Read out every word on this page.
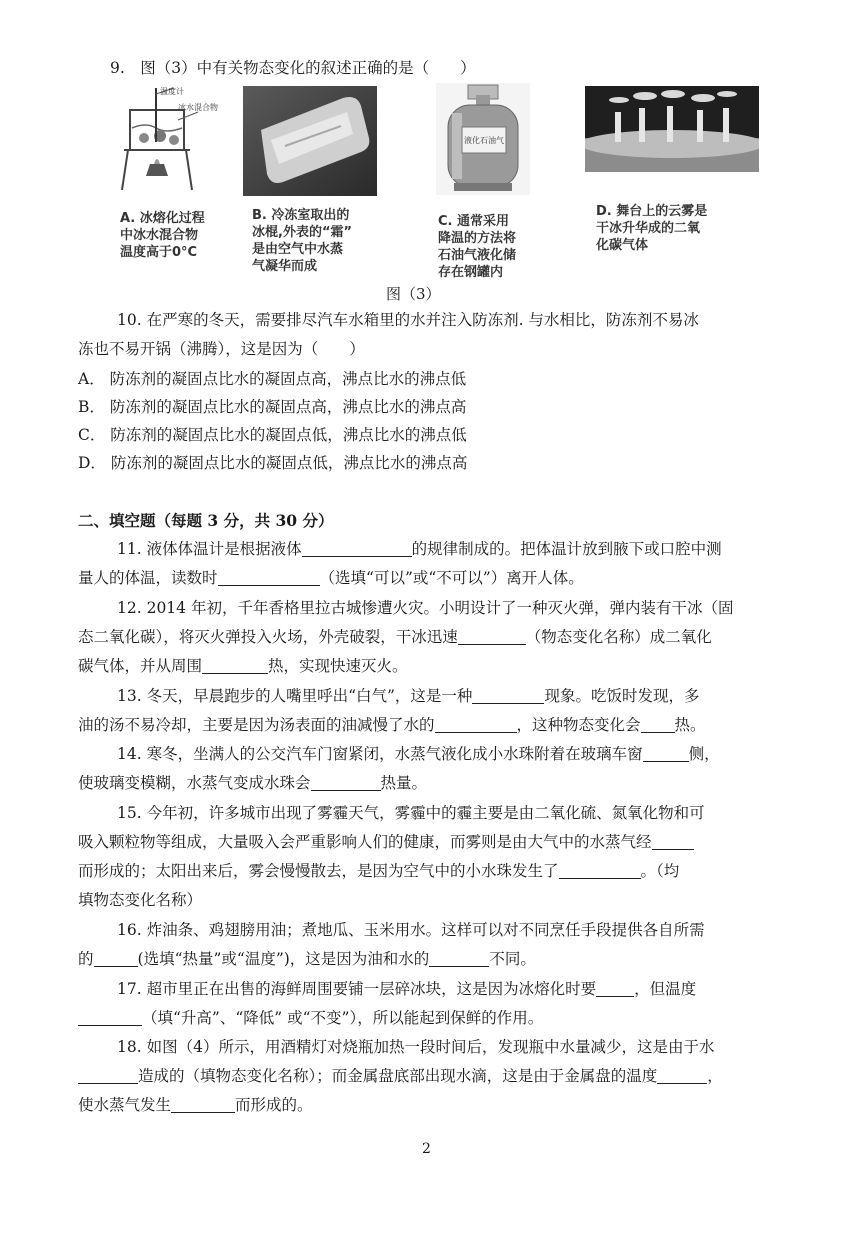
9.　图（3）中有关物态变化的叙述正确的是（　　）
温度计
冰水混合物
液化石油气
A. 冰熔化过程
中冰水混合物
温度高于0°C
B. 冷冻室取出的
冰棍,外表的“霜”
是由空气中水蒸
气凝华而成
C. 通常采用
降温的方法将
石油气液化储
存在钢罐内
D. 舞台上的云雾是
干冰升华成的二氧
化碳气体
图（3）
10. 在严寒的冬天，需要排尽汽车水箱里的水并注入防冻剂. 与水相比，防冻剂不易冰
冻也不易开锅（沸腾），这是因为（　　）
A． 防冻剂的凝固点比水的凝固点高，沸点比水的沸点低
B． 防冻剂的凝固点比水的凝固点高，沸点比水的沸点高
C． 防冻剂的凝固点比水的凝固点低，沸点比水的沸点低
D． 防冻剂的凝固点比水的凝固点低，沸点比水的沸点高
二、填空题（每题 3 分，共 30 分）
11. 液体体温计是根据液体	的规律制成的。把体温计放到腋下或口腔中测
量人的体温，读数时	（选填“可以”或“不可以”）离开人体。
12. 2014 年初，千年香格里拉古城惨遭火灾。小明设计了一种灭火弹，弹内装有干冰（固
态二氧化碳），将灭火弹投入火场，外壳破裂，干冰迅速	（物态变化名称）成二氧化
碳气体，并从周围	热，实现快速灭火。
13. 冬天，早晨跑步的人嘴里呼出“白气”，这是一种	现象。吃饭时发现，多
油的汤不易冷却，主要是因为汤表面的油减慢了水的	，这种物态变化会 热。
14. 寒冬，坐满人的公交汽车门窗紧闭，水蒸气液化成小水珠附着在玻璃车窗	侧，
使玻璃变模糊，水蒸气变成水珠会	热量。
15. 今年初，许多城市出现了雾霾天气，雾霾中的霾主要是由二氧化硫、氮氧化物和可
吸入颗粒物等组成，大量吸入会严重影响人们的健康，而雾则是由大气中的水蒸气经
而形成的；太阳出来后，雾会慢慢散去，是因为空气中的小水珠发生了	。（均
填物态变化名称）
16. 炸油条、鸡翅膀用油；煮地瓜、玉米用水。这样可以对不同烹任手段提供各自所需
的	(选填“热量”或“温度”)，这是因为油和水的	不同。
17. 超市里正在出售的海鲜周围要铺一层碎冰块，这是因为冰熔化时要 ，但温度
（填“升高”、“降低” 或“不变”），所以能起到保鲜的作用。
18. 如图（4）所示，用酒精灯对烧瓶加热一段时间后，发现瓶中水量减少，这是由于水
造成的（填物态变化名称）；而金属盘底部出现水滴，这是由于金属盘的温度	，
使水蒸气发生	而形成的。
2
